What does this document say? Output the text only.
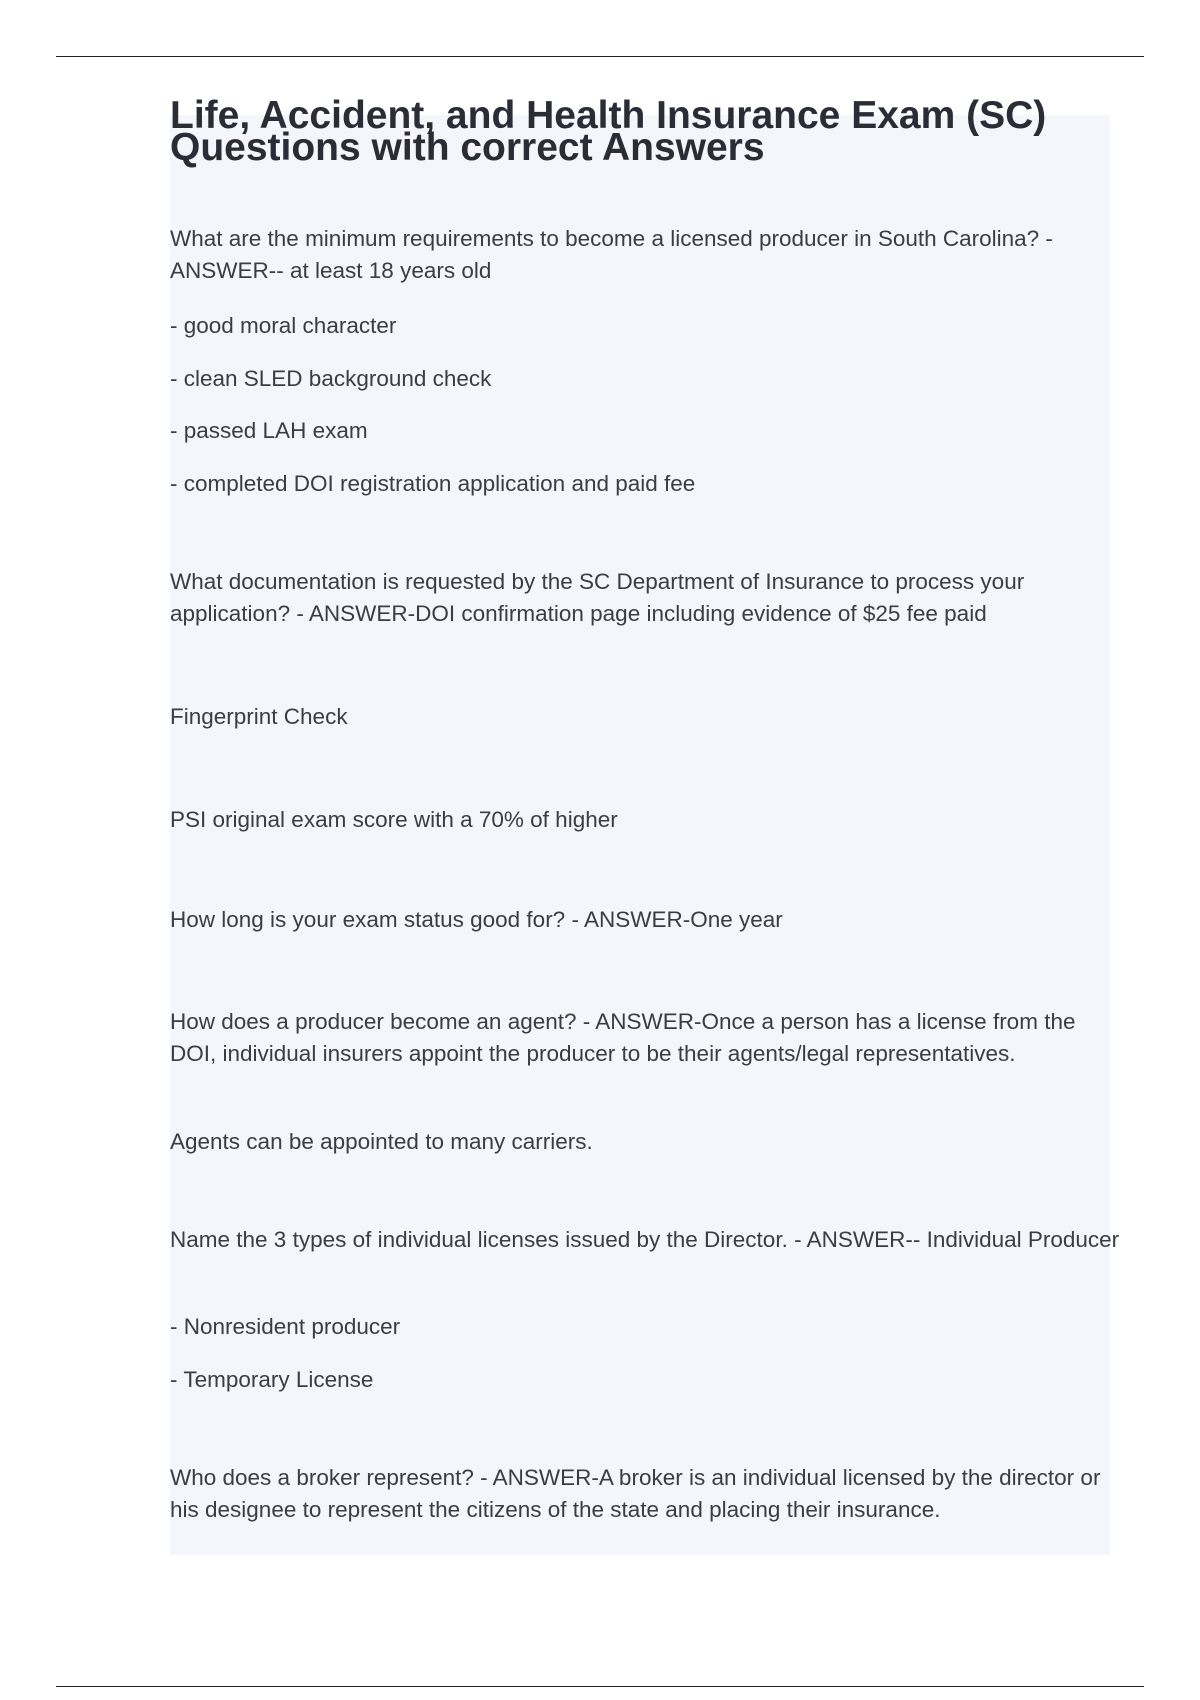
Life, Accident, and Health Insurance Exam (SC)
Questions with correct Answers

What are the minimum requirements to become a licensed producer in South Carolina? - ANSWER-- at least 18 years old

- good moral character

- clean SLED background check

- passed LAH exam

- completed DOI registration application and paid fee

What documentation is requested by the SC Department of Insurance to process your application? - ANSWER-DOI confirmation page including evidence of $25 fee paid

Fingerprint Check

PSI original exam score with a 70% of higher

How long is your exam status good for? - ANSWER-One year

How does a producer become an agent? - ANSWER-Once a person has a license from the DOI, individual insurers appoint the producer to be their agents/legal representatives.

Agents can be appointed to many carriers.

Name the 3 types of individual licenses issued by the Director. - ANSWER-- Individual Producer

- Nonresident producer

- Temporary License

Who does a broker represent? - ANSWER-A broker is an individual licensed by the director or his designee to represent the citizens of the state and placing their insurance.
